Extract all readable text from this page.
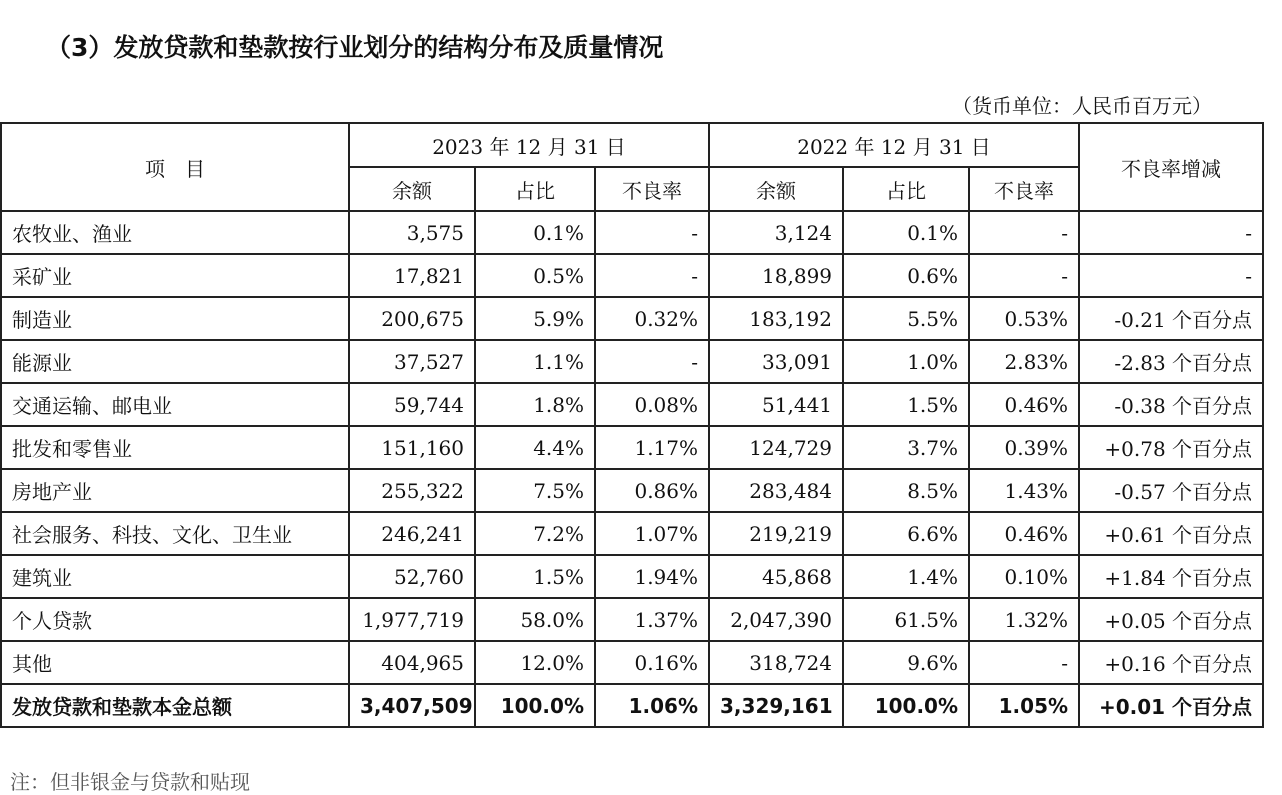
（3）发放贷款和垫款按行业划分的结构分布及质量情况
（货币单位：人民币百万元）
项　目	2023 年 12 月 31 日			2022 年 12 月 31 日			不良率增减
	余额	占比	不良率	余额	占比	不良率	
农牧业、渔业	3,575	0.1%	-	3,124	0.1%	-	-
采矿业	17,821	0.5%	-	18,899	0.6%	-	-
制造业	200,675	5.9%	0.32%	183,192	5.5%	0.53%	-0.21 个百分点
能源业	37,527	1.1%	-	33,091	1.0%	2.83%	-2.83 个百分点
交通运输、邮电业	59,744	1.8%	0.08%	51,441	1.5%	0.46%	-0.38 个百分点
批发和零售业	151,160	4.4%	1.17%	124,729	3.7%	0.39%	+0.78 个百分点
房地产业	255,322	7.5%	0.86%	283,484	8.5%	1.43%	-0.57 个百分点
社会服务、科技、文化、卫生业	246,241	7.2%	1.07%	219,219	6.6%	0.46%	+0.61 个百分点
建筑业	52,760	1.5%	1.94%	45,868	1.4%	0.10%	+1.84 个百分点
个人贷款	1,977,719	58.0%	1.37%	2,047,390	61.5%	1.32%	+0.05 个百分点
其他	404,965	12.0%	0.16%	318,724	9.6%	-	+0.16 个百分点
发放贷款和垫款本金总额	3,407,509	100.0%	1.06%	3,329,161	100.0%	1.05%	+0.01 个百分点
注：但非银金与贷款和贴现
